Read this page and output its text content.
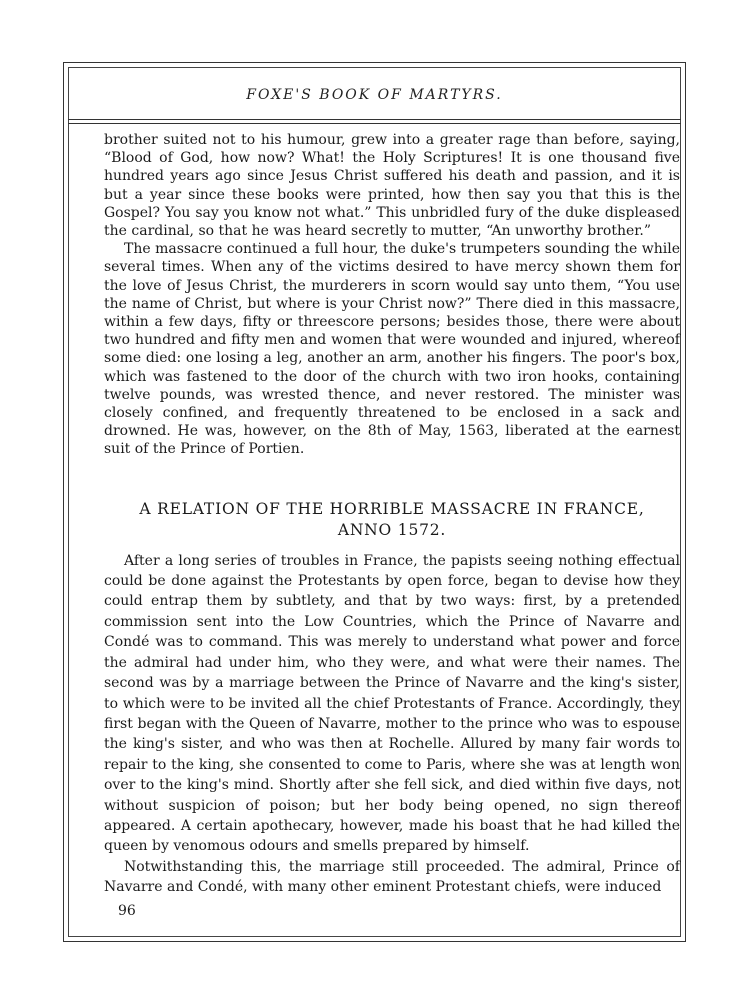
FOXE'S BOOK OF MARTYRS.

brother suited not to his humour, grew into a greater rage than before, saying, “Blood of God, how now? What! the Holy Scriptures! It is one thousand five hundred years ago since Jesus Christ suffered his death and passion, and it is but a year since these books were printed, how then say you that this is the Gospel? You say you know not what.” This unbridled fury of the duke displeased the cardinal, so that he was heard secretly to mutter, “An unworthy brother.”

The massacre continued a full hour, the duke's trumpeters sounding the while several times. When any of the victims desired to have mercy shown them for the love of Jesus Christ, the murderers in scorn would say unto them, “You use the name of Christ, but where is your Christ now?” There died in this massacre, within a few days, fifty or threescore persons; besides those, there were about two hundred and fifty men and women that were wounded and injured, whereof some died: one losing a leg, another an arm, another his fingers. The poor's box, which was fastened to the door of the church with two iron hooks, containing twelve pounds, was wrested thence, and never restored. The minister was closely confined, and frequently threatened to be enclosed in a sack and drowned. He was, however, on the 8th of May, 1563, liberated at the earnest suit of the Prince of Portien.

A RELATION OF THE HORRIBLE MASSACRE IN FRANCE,
ANNO 1572.

After a long series of troubles in France, the papists seeing nothing effectual could be done against the Protestants by open force, began to devise how they could entrap them by subtlety, and that by two ways: first, by a pretended commission sent into the Low Countries, which the Prince of Navarre and Condé was to command. This was merely to understand what power and force the admiral had under him, who they were, and what were their names. The second was by a marriage between the Prince of Navarre and the king's sister, to which were to be invited all the chief Protestants of France. Accordingly, they first began with the Queen of Navarre, mother to the prince who was to espouse the king's sister, and who was then at Rochelle. Allured by many fair words to repair to the king, she consented to come to Paris, where she was at length won over to the king's mind. Shortly after she fell sick, and died within five days, not without suspicion of poison; but her body being opened, no sign thereof appeared. A certain apothecary, however, made his boast that he had killed the queen by venomous odours and smells prepared by himself.

Notwithstanding this, the marriage still proceeded. The admiral, Prince of Navarre and Condé, with many other eminent Protestant chiefs, were induced

96
